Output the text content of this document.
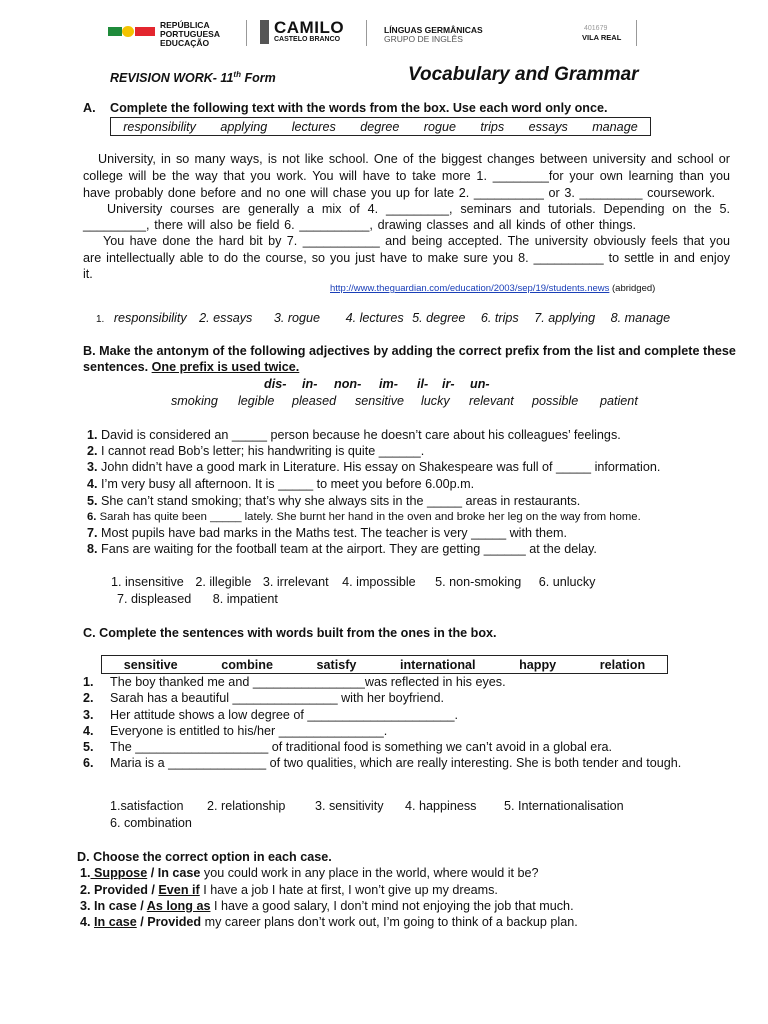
REPÚBLICA
PORTUGUESA
EDUCAÇÃO
CAMILO
CASTELO BRANCO
LÍNGUAS GERMÂNICAS
GRUPO DE INGLÊS
401679
VILA REAL
REVISION WORK- 11th Form	Vocabulary and Grammar
A. Complete the following text with the words from the box. Use each word only once.
responsibility applying lectures degree rogue trips essays manage
University, in so many ways, is not like school. One of the biggest changes between university and school or
college will be the way that you work. You will have to take more 1. ________for your own learning than you
have probably done before and no one will chase you up for late 2. __________ or 3. _________ coursework.
University courses are generally a mix of 4. _________, seminars and tutorials. Depending on the 5.
_________, there will also be field 6. __________, drawing classes and all kinds of other things.
You have done the hard bit by 7. ___________ and being accepted. The university obviously feels that you
are intellectually able to do the course, so you just have to make sure you 8. __________ to settle in and enjoy
it.
http://www.theguardian.com/education/2003/sep/19/students.news (abridged)
1. responsibility 2. essays 3. rogue 4. lectures 5. degree 6. trips 7. applying 8. manage
B. Make the antonym of the following adjectives by adding the correct prefix from the list and complete these
sentences. One prefix is used twice.
dis-	in-	non-	im-	il-	ir-	un-
smoking	legible	pleased	sensitive	lucky	relevant	possible	patient
1. David is considered an _____ person because he doesn’t care about his colleagues’ feelings.
2. I cannot read Bob’s letter; his handwriting is quite ______.
3. John didn’t have a good mark in Literature. His essay on Shakespeare was full of _____ information.
4. I’m very busy all afternoon. It is _____ to meet you before 6.00p.m.
5. She can’t stand smoking; that’s why she always sits in the _____ areas in restaurants.
6. Sarah has quite been _____ lately. She burnt her hand in the oven and broke her leg on the way from home.
7. Most pupils have bad marks in the Maths test. The teacher is very _____ with them.
8. Fans are waiting for the football team at the airport. They are getting ______ at the delay.
1. insensitive 2. illegible 3. irrelevant 4. impossible 5. non-smoking 6. unlucky
7. displeased 8. impatient
C. Complete the sentences with words built from the ones in the box.
sensitive	combine	satisfy	international	happy	relation
1. The boy thanked me and ________________was reflected in his eyes.
2. Sarah has a beautiful _______________ with her boyfriend.
3. Her attitude shows a low degree of _____________________.
4. Everyone is entitled to his/her _______________.
5. The ___________________ of traditional food is something we can’t avoid in a global era.
6. Maria is a ______________ of two qualities, which are really interesting. She is both tender and tough.
1.satisfaction 2. relationship 3. sensitivity 4. happiness 5. Internationalisation
6. combination
D. Choose the correct option in each case.
1. Suppose / In case you could work in any place in the world, where would it be?
2. Provided / Even if I have a job I hate at first, I won’t give up my dreams.
3. In case / As long as I have a good salary, I don’t mind not enjoying the job that much.
4. In case / Provided my career plans don’t work out, I’m going to think of a backup plan.
